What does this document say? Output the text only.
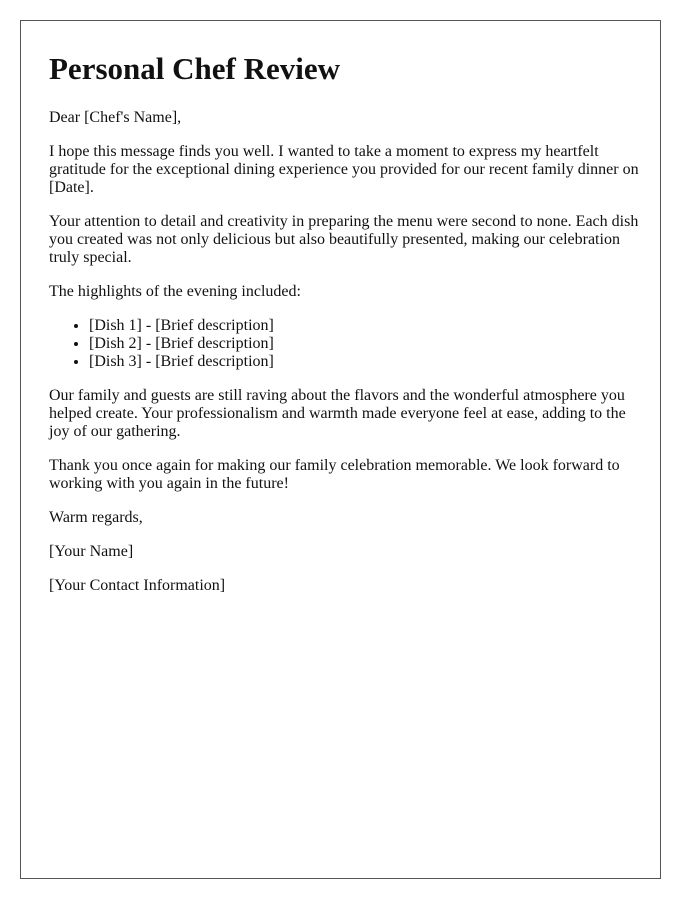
Personal Chef Review

Dear [Chef's Name],

I hope this message finds you well. I wanted to take a moment to express my heartfelt gratitude for the exceptional dining experience you provided for our recent family dinner on [Date].

Your attention to detail and creativity in preparing the menu were second to none. Each dish you created was not only delicious but also beautifully presented, making our celebration truly special.

The highlights of the evening included:

• [Dish 1] - [Brief description]
• [Dish 2] - [Brief description]
• [Dish 3] - [Brief description]

Our family and guests are still raving about the flavors and the wonderful atmosphere you helped create. Your professionalism and warmth made everyone feel at ease, adding to the joy of our gathering.

Thank you once again for making our family celebration memorable. We look forward to working with you again in the future!

Warm regards,

[Your Name]

[Your Contact Information]
